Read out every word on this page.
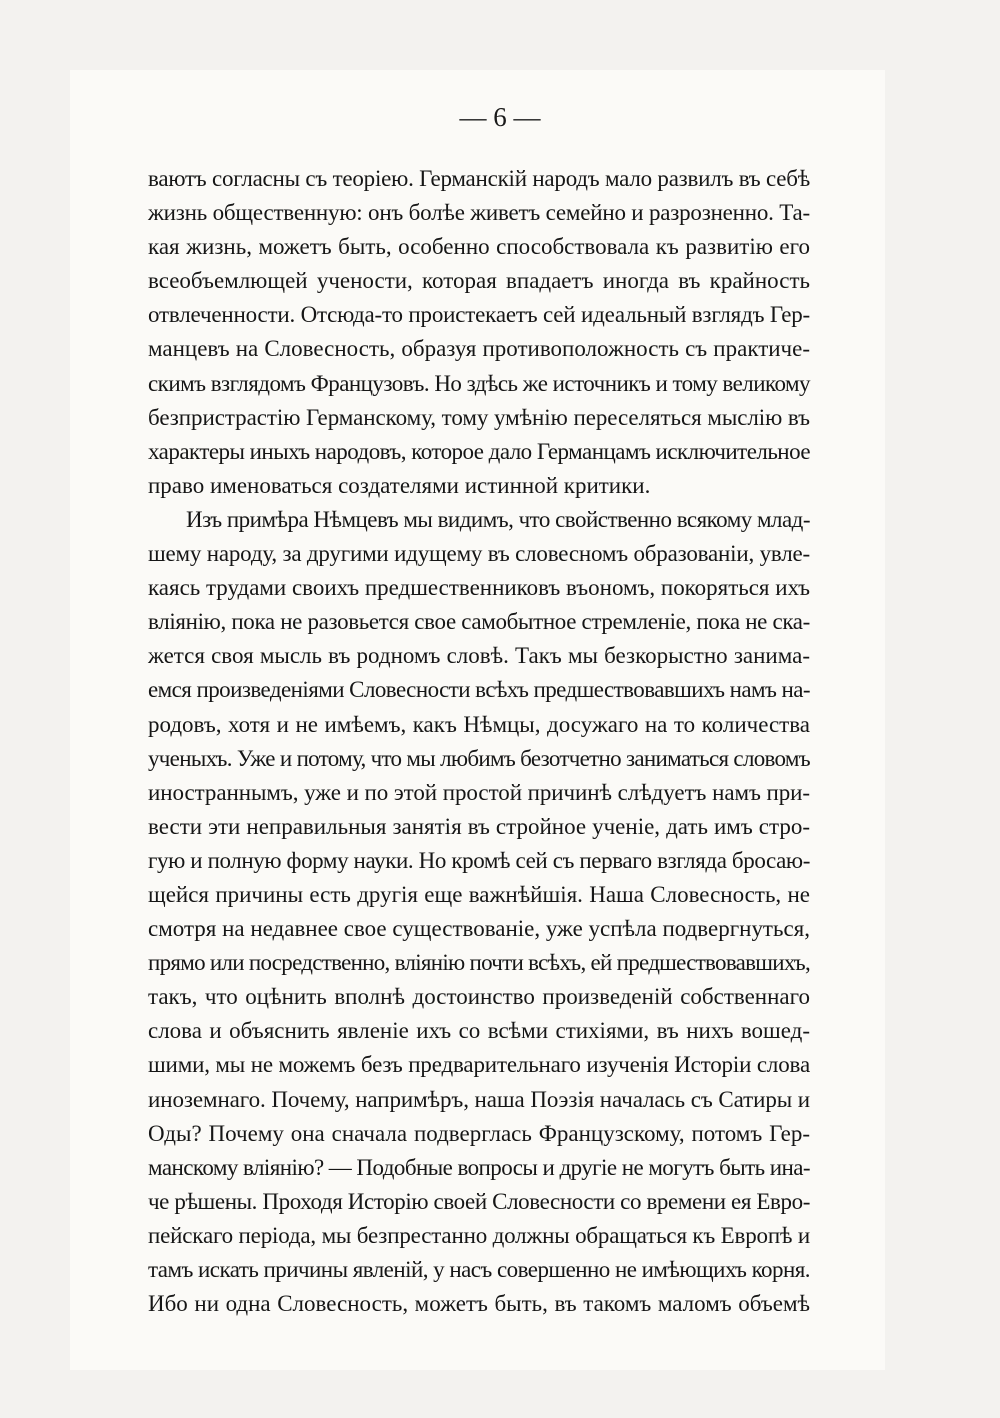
— 6 —
ваютъ согласны съ теоріею. Германскій народъ мало развилъ въ себѣ
жизнь общественную: онъ болѣе живетъ семейно и разрозненно. Та-
кая жизнь, можетъ быть, особенно способствовала къ развитію его
всеобъемлющей учености, которая впадаетъ иногда въ крайность
отвлеченности. Отсюда-то проистекаетъ сей идеальный взглядъ Гер-
манцевъ на Словесность, образуя противоположность съ практиче-
скимъ взглядомъ Французовъ. Но здѣсь же источникъ и тому великому
безпристрастію Германскому, тому умѣнію переселяться мыслію въ
характеры иныхъ народовъ, которое дало Германцамъ исключительное
право именоваться создателями истинной критики.
Изъ примѣра Нѣмцевъ мы видимъ, что свойственно всякому млад-
шему народу, за другими идущему въ словесномъ образованіи, увле-
каясь трудами своихъ предшественниковъ въономъ, покоряться ихъ
вліянію, пока не разовьется свое самобытное стремленіе, пока не ска-
жется своя мысль въ родномъ словѣ. Такъ мы безкорыстно занима-
емся произведеніями Словесности всѣхъ предшествовавшихъ намъ на-
родовъ, хотя и не имѣемъ, какъ Нѣмцы, досужаго на то количества
ученыхъ. Уже и потому, что мы любимъ безотчетно заниматься словомъ
иностраннымъ, уже и по этой простой причинѣ слѣдуетъ намъ при-
вести эти неправильныя занятія въ стройное ученіе, дать имъ стро-
гую и полную форму науки. Но кромѣ сей съ перваго взгляда бросаю-
щейся причины есть другія еще важнѣйшія. Наша Словесность, не
смотря на недавнее свое существованіе, уже успѣла подвергнуться,
прямо или посредственно, вліянію почти всѣхъ, ей предшествовавшихъ,
такъ, что оцѣнить вполнѣ достоинство произведеній собственнаго
слова и объяснить явленіе ихъ со всѣми стихіями, въ нихъ вошед-
шими, мы не можемъ безъ предварительнаго изученія Исторіи слова
иноземнаго. Почему, напримѣръ, наша Поэзія началась съ Сатиры и
Оды? Почему она сначала подверглась Французскому, потомъ Гер-
манскому вліянію? — Подобные вопросы и другіе не могутъ быть ина-
че рѣшены. Проходя Исторію своей Словесности со времени ея Евро-
пейскаго періода, мы безпрестанно должны обращаться къ Европѣ и
тамъ искать причины явленій, у насъ совершенно не имѣющихъ корня.
Ибо ни одна Словесность, можетъ быть, въ такомъ маломъ объемѣ
